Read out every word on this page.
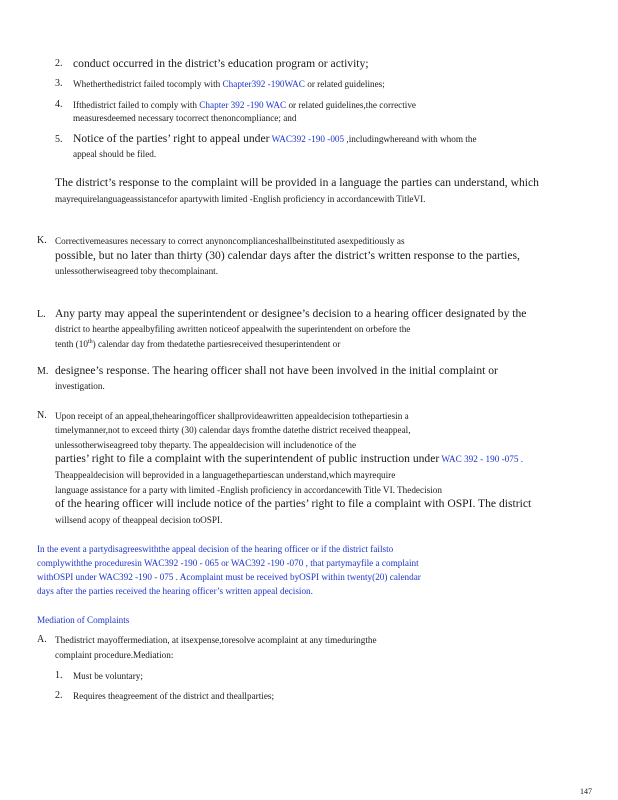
2. conduct occurred in the district’s education program or activity;
3. Whetherthedistrict failed tocomply with Chapter392 -190WAC or related guidelines;
4. Ifthedistrict failed to comply with Chapter 392 -190 WAC or related guidelines,the corrective
measuresdeemed necessary tocorrect thenoncompliance; and
5. Notice of the parties’ right to appeal under WAC392 -190 -005 ,includingwhereand with whom the
appeal should be filed.
The district’s response to the complaint will be provided in a language the parties can understand, which
mayrequirelanguageassistancefor apartywith limited -English proficiency in accordancewith TitleVI.
K. Correctivemeasures necessary to correct anynoncomplianceshallbeinstituted asexpeditiously as
possible, but no later than thirty (30) calendar days after the district’s written response to the parties,
unlessotherwiseagreed toby thecomplainant.
L. Any party may appeal the superintendent or designee’s decision to a hearing officer designated by the
district to hearthe appealbyfiling awritten noticeof appealwith the superintendent on orbefore the
tenth (10th) calendar day from thedatethe partiesreceived thesuperintendent or
M. designee’s response. The hearing officer shall not have been involved in the initial complaint or
investigation.
N. Upon receipt of an appeal,thehearingofficer shallprovideawritten appealdecision tothepartiesin a
timelymanner,not to exceed thirty (30) calendar days fromthe datethe district received theappeal,
unlessotherwiseagreed toby theparty. The appealdecision will includenotice of the
parties’ right to file a complaint with the superintendent of public instruction under WAC 392 - 190 -075 .
Theappealdecision will beprovided in a languagethepartiescan understand,which mayrequire
language assistance for a party with limited -English proficiency in accordancewith Title VI. Thedecision
of the hearing officer will include notice of the parties’ right to file a complaint with OSPI. The district
willsend acopy of theappeal decision toOSPI.
In the event a partydisagreeswiththe appeal decision of the hearing officer or if the district failsto
complywiththe proceduresin WAC392 -190 - 065 or WAC392 -190 -070 , that partymayfile a complaint
withOSPI under WAC392 -190 - 075 . Acomplaint must be received byOSPI within twenty(20) calendar
days after the parties received the hearing officer’s written appeal decision.
Mediation of Complaints
A. Thedistrict mayoffermediation, at itsexpense,toresolve acomplaint at any timeduringthe
complaint procedure.Mediation:
1. Must be voluntary;
2. Requires theagreement of the district and theallparties;
147
